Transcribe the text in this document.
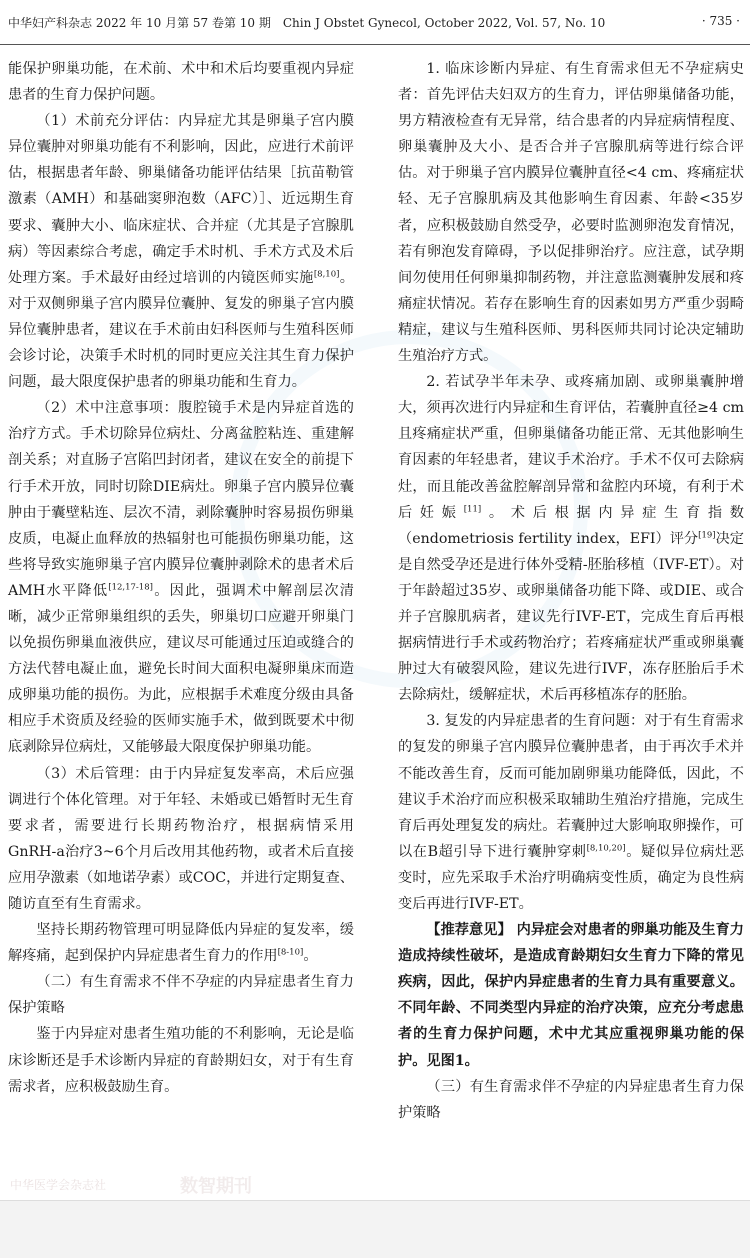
中华妇产科杂志 2022 年 10 月第 57 卷第 10 期　Chin J Obstet Gynecol, October 2022, Vol. 57, No. 10	· 735 ·

能保护卵巢功能，在术前、术中和术后均要重视内异症患者的生育力保护问题。

（1）术前充分评估：内异症尤其是卵巢子宫内膜异位囊肿对卵巢功能有不利影响，因此，应进行术前评估，根据患者年龄、卵巢储备功能评估结果［抗苗勒管激素（AMH）和基础窦卵泡数（AFC）］、近远期生育要求、囊肿大小、临床症状、合并症（尤其是子宫腺肌病）等因素综合考虑，确定手术时机、手术方式及术后处理方案。手术最好由经过培训的内镜医师实施[8,10]。对于双侧卵巢子宫内膜异位囊肿、复发的卵巢子宫内膜异位囊肿患者，建议在手术前由妇科医师与生殖科医师会诊讨论，决策手术时机的同时更应关注其生育力保护问题，最大限度保护患者的卵巢功能和生育力。

（2）术中注意事项：腹腔镜手术是内异症首选的治疗方式。手术切除异位病灶、分离盆腔粘连、重建解剖关系；对直肠子宫陷凹封闭者，建议在安全的前提下行手术开放，同时切除DIE病灶。卵巢子宫内膜异位囊肿由于囊壁粘连、层次不清，剥除囊肿时容易损伤卵巢皮质，电凝止血释放的热辐射也可能损伤卵巢功能，这些将导致实施卵巢子宫内膜异位囊肿剥除术的患者术后AMH水平降低[12,17-18]。因此，强调术中解剖层次清晰，减少正常卵巢组织的丢失，卵巢切口应避开卵巢门以免损伤卵巢血液供应，建议尽可能通过压迫或缝合的方法代替电凝止血，避免长时间大面积电凝卵巢床而造成卵巢功能的损伤。为此，应根据手术难度分级由具备相应手术资质及经验的医师实施手术，做到既要术中彻底剥除异位病灶，又能够最大限度保护卵巢功能。

（3）术后管理：由于内异症复发率高，术后应强调进行个体化管理。对于年轻、未婚或已婚暂时无生育要求者，需要进行长期药物治疗，根据病情采用GnRH-a治疗3~6个月后改用其他药物，或者术后直接应用孕激素（如地诺孕素）或COC，并进行定期复查、随访直至有生育需求。

坚持长期药物管理可明显降低内异症的复发率，缓解疼痛，起到保护内异症患者生育力的作用[8-10]。

（二）有生育需求不伴不孕症的内异症患者生育力保护策略

鉴于内异症对患者生殖功能的不利影响，无论是临床诊断还是手术诊断内异症的育龄期妇女，对于有生育需求者，应积极鼓励生育。

1. 临床诊断内异症、有生育需求但无不孕症病史者：首先评估夫妇双方的生育力，评估卵巢储备功能，男方精液检查有无异常，结合患者的内异症病情程度、卵巢囊肿及大小、是否合并子宫腺肌病等进行综合评估。对于卵巢子宫内膜异位囊肿直径<4 cm、疼痛症状轻、无子宫腺肌病及其他影响生育因素、年龄<35岁者，应积极鼓励自然受孕，必要时监测卵泡发育情况，若有卵泡发育障碍，予以促排卵治疗。应注意，试孕期间勿使用任何卵巢抑制药物，并注意监测囊肿发展和疼痛症状情况。若存在影响生育的因素如男方严重少弱畸精症，建议与生殖科医师、男科医师共同讨论决定辅助生殖治疗方式。

2. 若试孕半年未孕、或疼痛加剧、或卵巢囊肿增大，须再次进行内异症和生育评估，若囊肿直径≥4 cm且疼痛症状严重，但卵巢储备功能正常、无其他影响生育因素的年轻患者，建议手术治疗。手术不仅可去除病灶，而且能改善盆腔解剖异常和盆腔内环境，有利于术后妊娠[11]。术后根据内异症生育指数（endometriosis fertility index，EFI）评分[19]决定是自然受孕还是进行体外受精-胚胎移植（IVF-ET）。对于年龄超过35岁、或卵巢储备功能下降、或DIE、或合并子宫腺肌病者，建议先行IVF-ET，完成生育后再根据病情进行手术或药物治疗；若疼痛症状严重或卵巢囊肿过大有破裂风险，建议先进行IVF，冻存胚胎后手术去除病灶，缓解症状，术后再移植冻存的胚胎。

3. 复发的内异症患者的生育问题：对于有生育需求的复发的卵巢子宫内膜异位囊肿患者，由于再次手术并不能改善生育，反而可能加剧卵巢功能降低，因此，不建议手术治疗而应积极采取辅助生殖治疗措施，完成生育后再处理复发的病灶。若囊肿过大影响取卵操作，可以在B超引导下进行囊肿穿刺[8,10,20]。疑似异位病灶恶变时，应先采取手术治疗明确病变性质，确定为良性病变后再进行IVF-ET。

【推荐意见】 内异症会对患者的卵巢功能及生育力造成持续性破坏，是造成育龄期妇女生育力下降的常见疾病，因此，保护内异症患者的生育力具有重要意义。不同年龄、不同类型内异症的治疗决策，应充分考虑患者的生育力保护问题，术中尤其应重视卵巢功能的保护。见图1。

（三）有生育需求伴不孕症的内异症患者生育力保护策略

中华医学会杂志社	数智期刊
